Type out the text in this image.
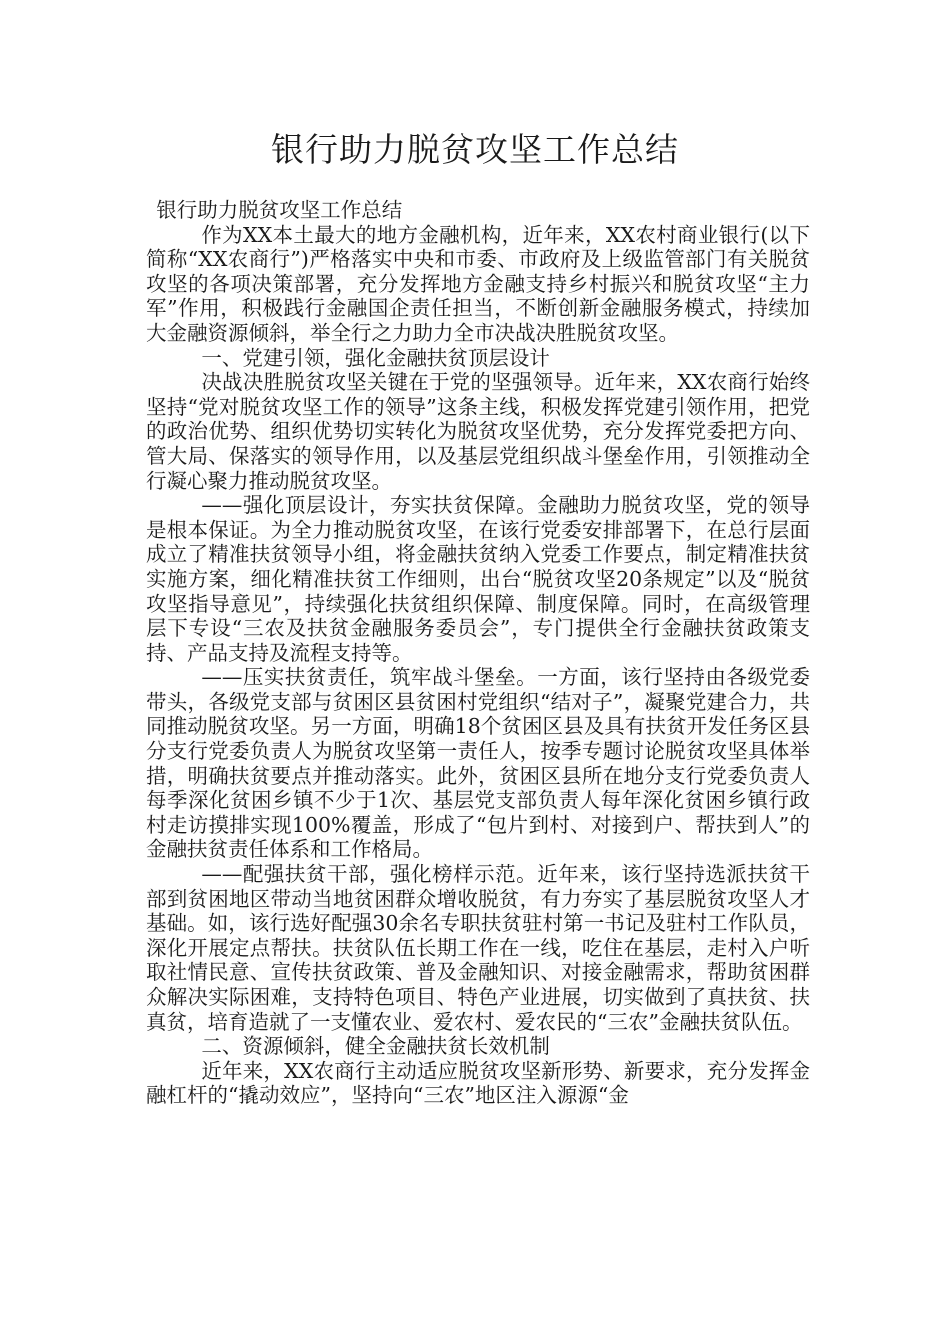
银行助力脱贫攻坚工作总结

银行助力脱贫攻坚工作总结

作为XX本土最大的地方金融机构，近年来，XX农村商业银行(以下简称“XX农商行”)严格落实中央和市委、市政府及上级监管部门有关脱贫攻坚的各项决策部署，充分发挥地方金融支持乡村振兴和脱贫攻坚“主力军”作用，积极践行金融国企责任担当，不断创新金融服务模式，持续加大金融资源倾斜，举全行之力助力全市决战决胜脱贫攻坚。

一、党建引领，强化金融扶贫顶层设计

决战决胜脱贫攻坚关键在于党的坚强领导。近年来，XX农商行始终坚持“党对脱贫攻坚工作的领导”这条主线，积极发挥党建引领作用，把党的政治优势、组织优势切实转化为脱贫攻坚优势，充分发挥党委把方向、管大局、保落实的领导作用，以及基层党组织战斗堡垒作用，引领推动全行凝心聚力推动脱贫攻坚。

——强化顶层设计，夯实扶贫保障。金融助力脱贫攻坚，党的领导是根本保证。为全力推动脱贫攻坚，在该行党委安排部署下，在总行层面成立了精准扶贫领导小组，将金融扶贫纳入党委工作要点，制定精准扶贫实施方案，细化精准扶贫工作细则，出台“脱贫攻坚20条规定”以及“脱贫攻坚指导意见”，持续强化扶贫组织保障、制度保障。同时，在高级管理层下专设“三农及扶贫金融服务委员会”，专门提供全行金融扶贫政策支持、产品支持及流程支持等。

——压实扶贫责任，筑牢战斗堡垒。一方面，该行坚持由各级党委带头，各级党支部与贫困区县贫困村党组织“结对子”，凝聚党建合力，共同推动脱贫攻坚。另一方面，明确18个贫困区县及具有扶贫开发任务区县分支行党委负责人为脱贫攻坚第一责任人，按季专题讨论脱贫攻坚具体举措，明确扶贫要点并推动落实。此外，贫困区县所在地分支行党委负责人每季深化贫困乡镇不少于1次、基层党支部负责人每年深化贫困乡镇行政村走访摸排实现100%覆盖，形成了“包片到村、对接到户、帮扶到人”的金融扶贫责任体系和工作格局。

——配强扶贫干部，强化榜样示范。近年来，该行坚持选派扶贫干部到贫困地区带动当地贫困群众增收脱贫，有力夯实了基层脱贫攻坚人才基础。如，该行选好配强30余名专职扶贫驻村第一书记及驻村工作队员，深化开展定点帮扶。扶贫队伍长期工作在一线，吃住在基层，走村入户听取社情民意、宣传扶贫政策、普及金融知识、对接金融需求，帮助贫困群众解决实际困难，支持特色项目、特色产业进展，切实做到了真扶贫、扶真贫，培育造就了一支懂农业、爱农村、爱农民的“三农”金融扶贫队伍。

二、资源倾斜，健全金融扶贫长效机制

近年来，XX农商行主动适应脱贫攻坚新形势、新要求，充分发挥金融杠杆的“撬动效应”，坚持向“三农”地区注入源源“金
